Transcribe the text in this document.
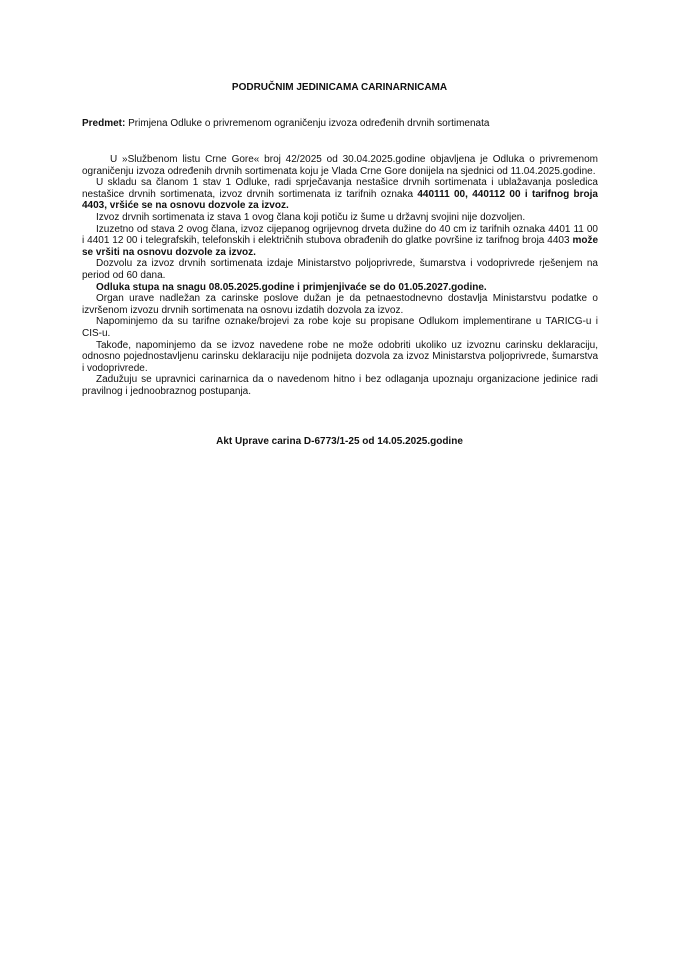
PODRUČNIM JEDINICAMA CARINARNICAMA
Predmet: Primjena Odluke o privremenom ograničenju izvoza određenih drvnih sortimenata

U »Službenom listu Crne Gore« broj 42/2025 od 30.04.2025.godine objavljena je Odluka o privremenom ograničenju izvoza određenih drvnih sortimenata koju je Vlada Crne Gore donijela na sjednici od 11.04.2025.godine.

U skladu sa članom 1 stav 1 Odluke, radi sprječavanja nestašice drvnih sortimenata i ublažavanja posledica nestašice drvnih sortimenata, izvoz drvnih sortimenata iz tarifnih oznaka 440111 00, 440112 00 i tarifnog broja 4403, vršiće se na osnovu dozvole za izvoz.

Izvoz drvnih sortimenata iz stava 1 ovog člana koji potiču iz šume u državnj svojini nije dozvoljen.

Izuzetno od stava 2 ovog člana, izvoz cijepanog ogrijevnog drveta dužine do 40 cm iz tarifnih oznaka 4401 11 00 i 4401 12 00 i telegrafskih, telefonskih i električnih stubova obrađenih do glatke površine iz tarifnog broja 4403 može se vršiti na osnovu dozvole za izvoz.

Dozvolu za izvoz drvnih sortimenata izdaje Ministarstvo poljoprivrede, šumarstva i vodoprivrede rješenjem na period od 60 dana.

Odluka stupa na snagu 08.05.2025.godine i primjenjivaće se do 01.05.2027.godine.

Organ urave nadležan za carinske poslove dužan je da petnaestodnevno dostavlja Ministarstvu podatke o izvršenom izvozu drvnih sortimenata na osnovu izdatih dozvola za izvoz.

Napominjemo da su tarifne oznake/brojevi za robe koje su propisane Odlukom implementirane u TARICG-u i CIS-u.

Takođe, napominjemo da se izvoz navedene robe ne može odobriti ukoliko uz izvoznu carinsku deklaraciju, odnosno pojednostavljenu carinsku deklaraciju nije podnijeta dozvola za izvoz Ministarstva poljoprivrede, šumarstva i vodoprivrede.

Zadužuju se upravnici carinarnica da o navedenom hitno i bez odlaganja upoznaju organizacione jedinice radi pravilnog i jednoobraznog postupanja.

Akt Uprave carina D-6773/1-25 od 14.05.2025.godine
